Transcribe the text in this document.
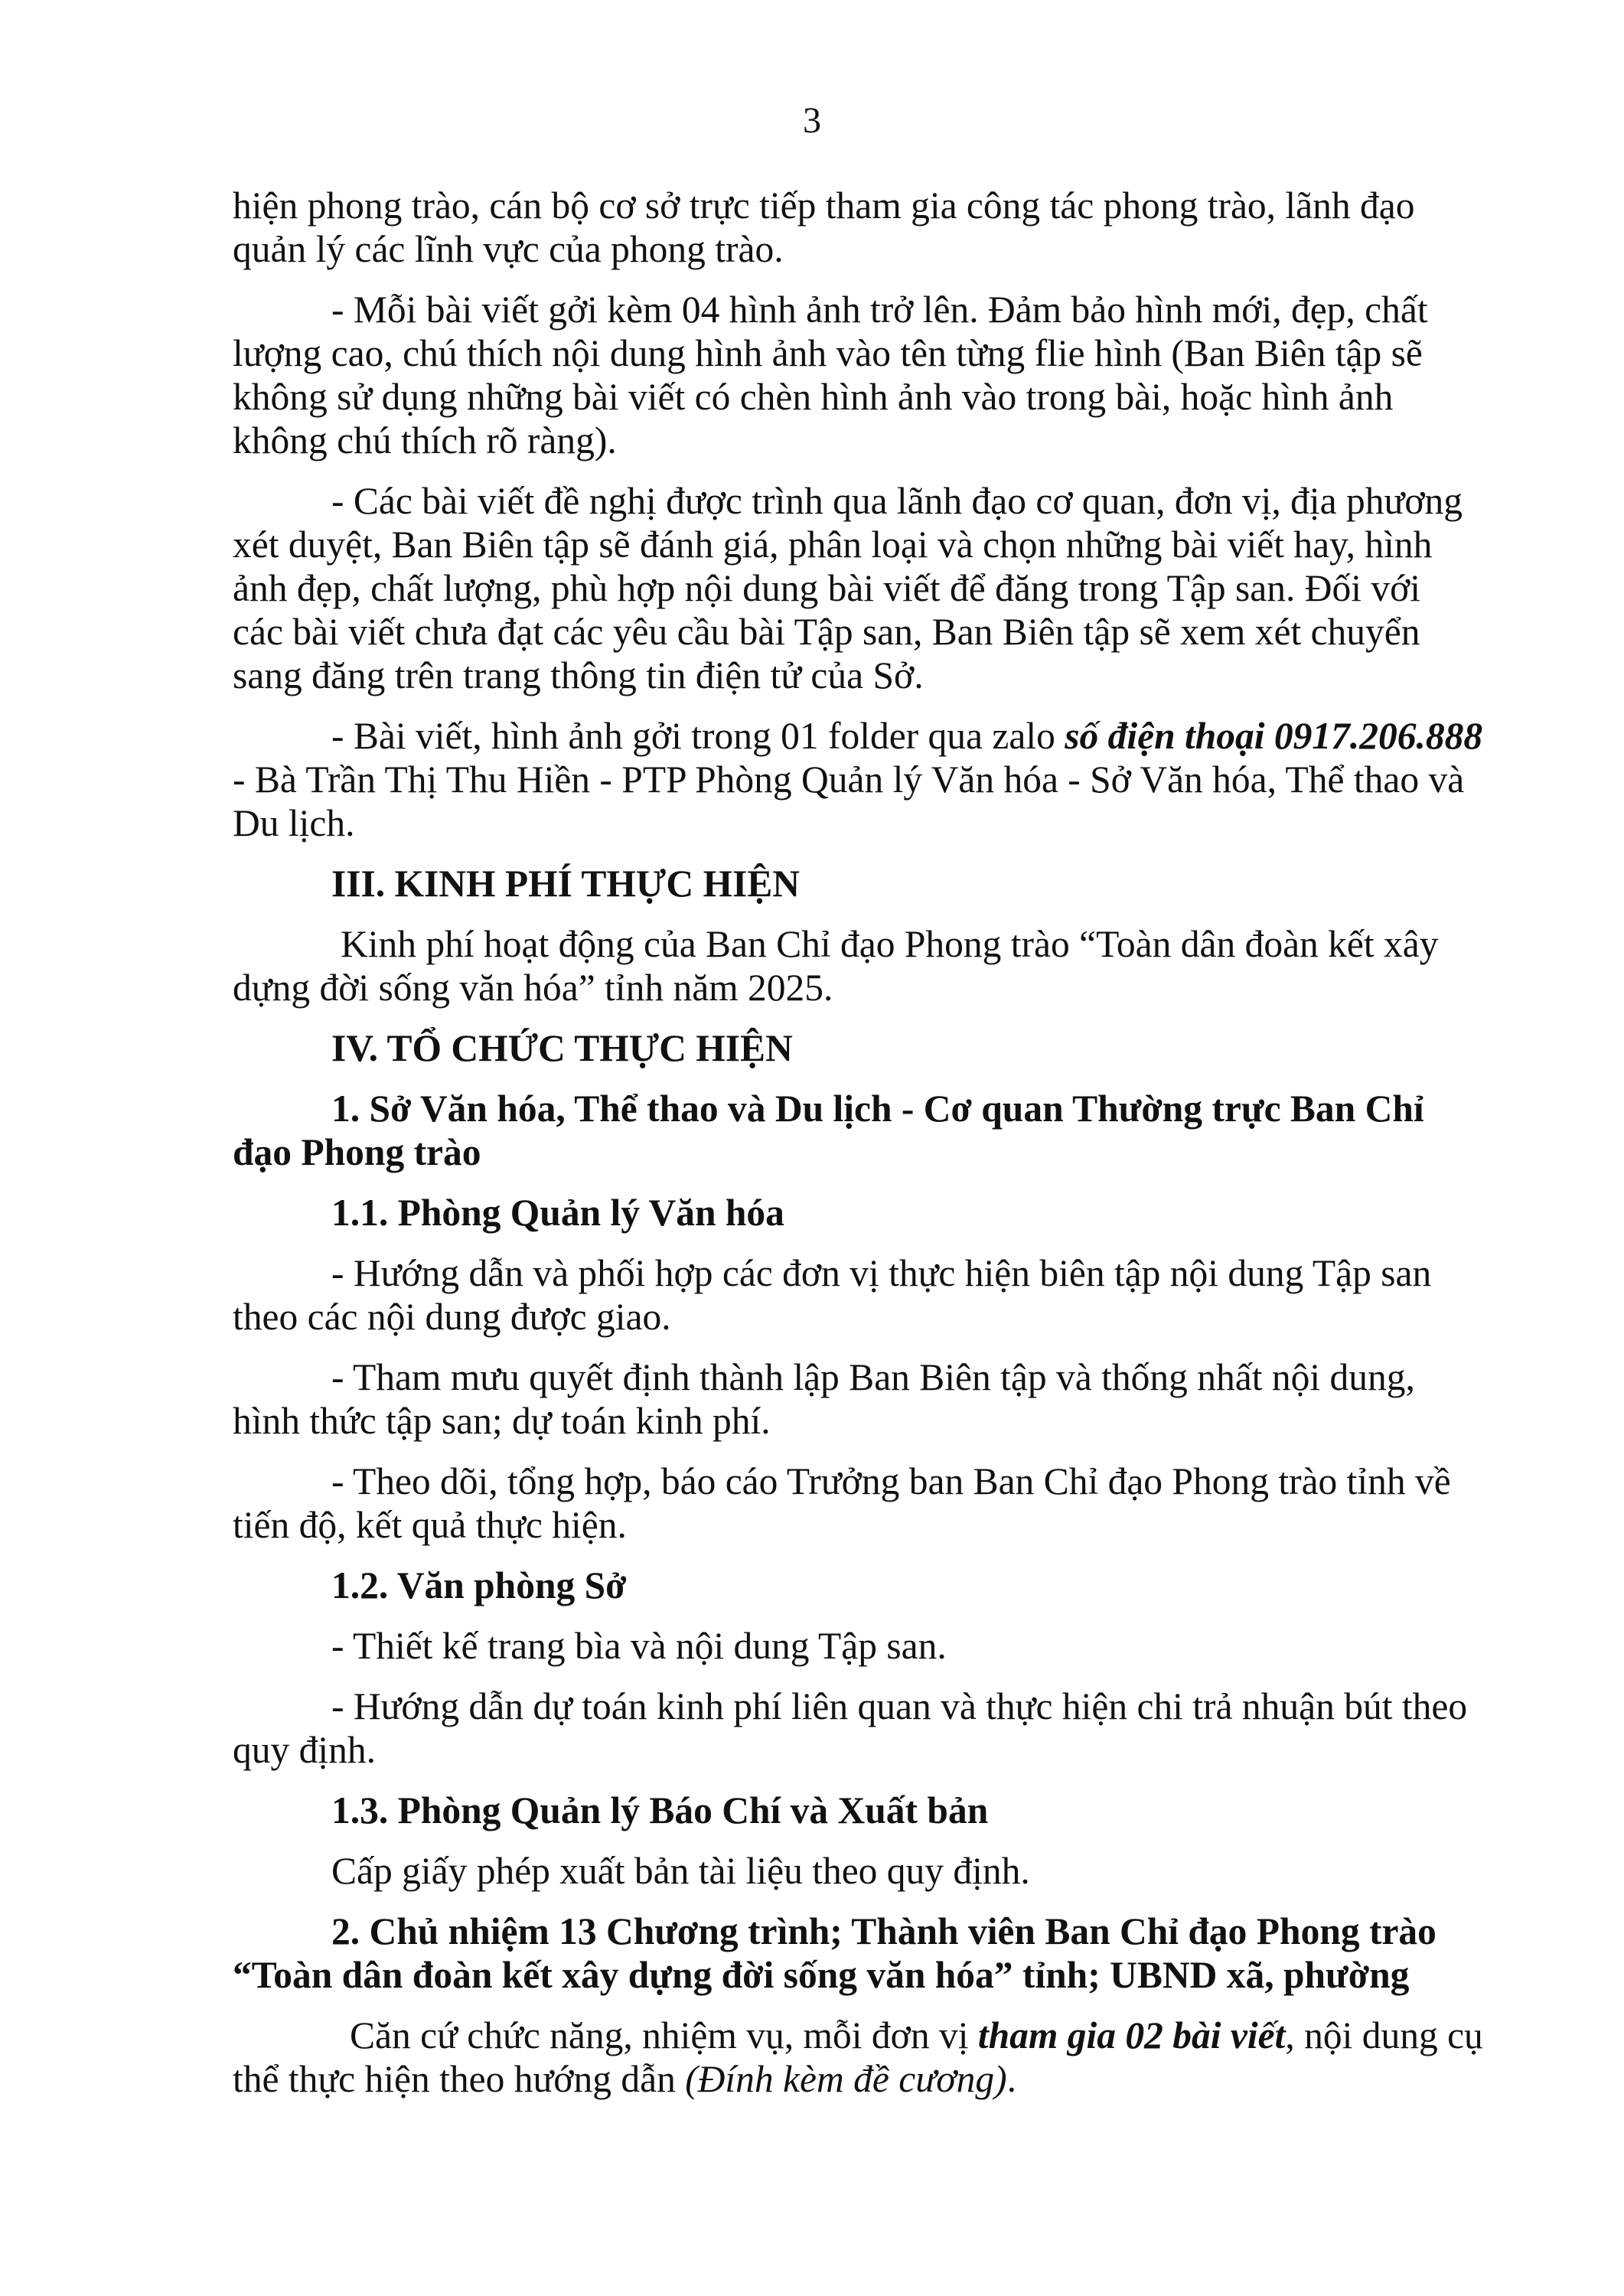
3
hiện phong trào, cán bộ cơ sở trực tiếp tham gia công tác phong trào, lãnh đạo
quản lý các lĩnh vực của phong trào.
- Mỗi bài viết gởi kèm 04 hình ảnh trở lên. Đảm bảo hình mới, đẹp, chất
lượng cao, chú thích nội dung hình ảnh vào tên từng flie hình (Ban Biên tập sẽ
không sử dụng những bài viết có chèn hình ảnh vào trong bài, hoặc hình ảnh
không chú thích rõ ràng).
- Các bài viết đề nghị được trình qua lãnh đạo cơ quan, đơn vị, địa phương
xét duyệt, Ban Biên tập sẽ đánh giá, phân loại và chọn những bài viết hay, hình
ảnh đẹp, chất lượng, phù hợp nội dung bài viết để đăng trong Tập san. Đối với
các bài viết chưa đạt các yêu cầu bài Tập san, Ban Biên tập sẽ xem xét chuyển
sang đăng trên trang thông tin điện tử của Sở.
- Bài viết, hình ảnh gởi trong 01 folder qua zalo số điện thoại 0917.206.888
- Bà Trần Thị Thu Hiền - PTP Phòng Quản lý Văn hóa - Sở Văn hóa, Thể thao và
Du lịch.
III. KINH PHÍ THỰC HIỆN
Kinh phí hoạt động của Ban Chỉ đạo Phong trào “Toàn dân đoàn kết xây
dựng đời sống văn hóa” tỉnh năm 2025.
IV. TỔ CHỨC THỰC HIỆN
1. Sở Văn hóa, Thể thao và Du lịch - Cơ quan Thường trực Ban Chỉ
đạo Phong trào
1.1. Phòng Quản lý Văn hóa
- Hướng dẫn và phối hợp các đơn vị thực hiện biên tập nội dung Tập san
theo các nội dung được giao.
- Tham mưu quyết định thành lập Ban Biên tập và thống nhất nội dung,
hình thức tập san; dự toán kinh phí.
- Theo dõi, tổng hợp, báo cáo Trưởng ban Ban Chỉ đạo Phong trào tỉnh về
tiến độ, kết quả thực hiện.
1.2. Văn phòng Sở
- Thiết kế trang bìa và nội dung Tập san.
- Hướng dẫn dự toán kinh phí liên quan và thực hiện chi trả nhuận bút theo
quy định.
1.3. Phòng Quản lý Báo Chí và Xuất bản
Cấp giấy phép xuất bản tài liệu theo quy định.
2. Chủ nhiệm 13 Chương trình; Thành viên Ban Chỉ đạo Phong trào
“Toàn dân đoàn kết xây dựng đời sống văn hóa” tỉnh; UBND xã, phường
Căn cứ chức năng, nhiệm vụ, mỗi đơn vị tham gia 02 bài viết, nội dung cụ
thể thực hiện theo hướng dẫn (Đính kèm đề cương).
